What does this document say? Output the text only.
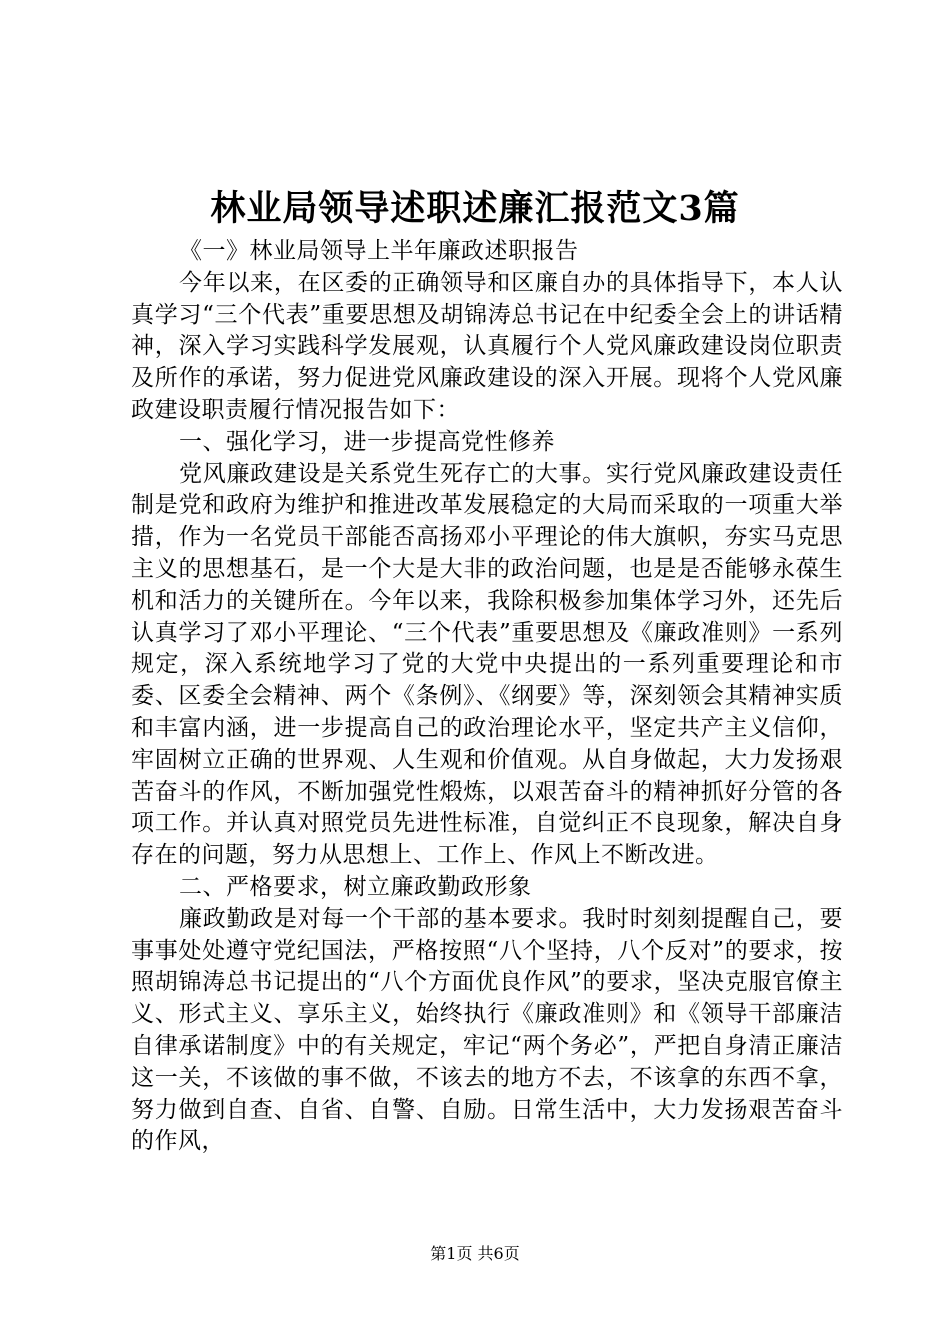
林业局领导述职述廉汇报范文3篇

《一》林业局领导上半年廉政述职报告

今年以来，在区委的正确领导和区廉自办的具体指导下，本人认真学习“三个代表”重要思想及胡锦涛总书记在中纪委全会上的讲话精神，深入学习实践科学发展观，认真履行个人党风廉政建设岗位职责及所作的承诺，努力促进党风廉政建设的深入开展。现将个人党风廉政建设职责履行情况报告如下：

一、强化学习，进一步提高党性修养

党风廉政建设是关系党生死存亡的大事。实行党风廉政建设责任制是党和政府为维护和推进改革发展稳定的大局而采取的一项重大举措，作为一名党员干部能否高扬邓小平理论的伟大旗帜，夯实马克思主义的思想基石，是一个大是大非的政治问题，也是是否能够永葆生机和活力的关键所在。今年以来，我除积极参加集体学习外，还先后认真学习了邓小平理论、“三个代表”重要思想及《廉政准则》一系列规定，深入系统地学习了党的大党中央提出的一系列重要理论和市委、区委全会精神、两个《条例》、《纲要》等，深刻领会其精神实质和丰富内涵，进一步提高自己的政治理论水平，坚定共产主义信仰，牢固树立正确的世界观、人生观和价值观。从自身做起，大力发扬艰苦奋斗的作风，不断加强党性煅炼，以艰苦奋斗的精神抓好分管的各项工作。并认真对照党员先进性标准，自觉纠正不良现象，解决自身存在的问题，努力从思想上、工作上、作风上不断改进。

二、严格要求，树立廉政勤政形象

廉政勤政是对每一个干部的基本要求。我时时刻刻提醒自己，要事事处处遵守党纪国法，严格按照“八个坚持，八个反对”的要求，按照胡锦涛总书记提出的“八个方面优良作风”的要求，坚决克服官僚主义、形式主义、享乐主义，始终执行《廉政准则》和《领导干部廉洁自律承诺制度》中的有关规定，牢记“两个务必”，严把自身清正廉洁这一关，不该做的事不做，不该去的地方不去，不该拿的东西不拿，努力做到自查、自省、自警、自励。日常生活中，大力发扬艰苦奋斗的作风，

第1页 共6页
